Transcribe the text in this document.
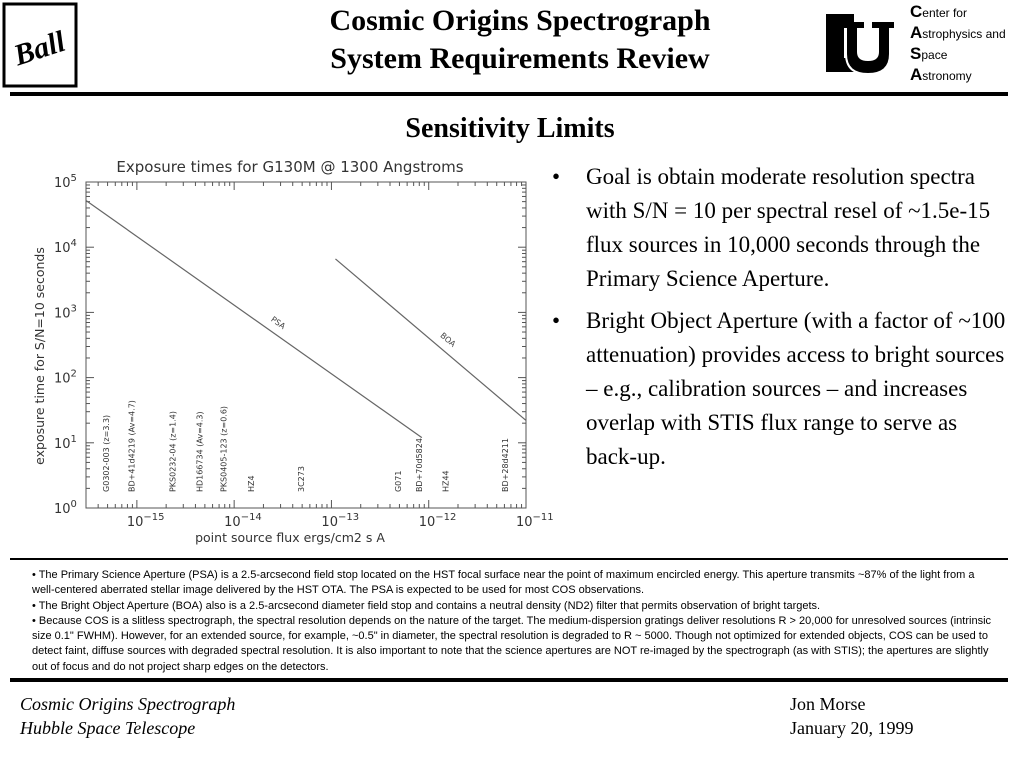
Ball
Cosmic Origins Spectrograph
System Requirements Review
Center for
Astrophysics and
Space
Astronomy
Sensitivity Limits
Exposure times for G130M @ 1300 Angstroms
exposure time for S/N=10 seconds
point source flux ergs/cm2 s A
$10^0$
$10^1$
$10^2$
$10^3$
$10^4$
$10^5$
$10^{-15}$	$10^{-14}$	$10^{-13}$	$10^{-12}$	$10^{-11}$
PSA
BOA
G0302-003 (z=3.3) BD+41d4219 (Av=4.7)	PKS0232-04 (z=1.4) HD166734 (Av=4.3) PKS0405-123 (z=0.6) HZ4	3C273	BD+70d5824
G071	HZ44	BD+28d4211
• Goal is obtain moderate resolution spectra with S/N = 10 per spectral resel of ~1.5e-15 flux sources in 10,000 seconds through the Primary Science Aperture.
• Bright Object Aperture (with a factor of ~100 attenuation) provides access to bright sources – e.g., calibration sources – and increases overlap with STIS flux range to serve as back-up.

• The Primary Science Aperture (PSA) is a 2.5-arcsecond field stop located on the HST focal surface near the point of maximum encircled energy. This aperture transmits ~87% of the light from a well-centered aberrated stellar image delivered by the HST OTA. The PSA is expected to be used for most COS observations.

• The Bright Object Aperture (BOA) also is a 2.5-arcsecond diameter field stop and contains a neutral density (ND2) filter that permits observation of bright targets.

• Because COS is a slitless spectrograph, the spectral resolution depends on the nature of the target. The medium-dispersion gratings deliver resolutions R > 20,000 for unresolved sources (intrinsic size 0.1" FWHM). However, for an extended source, for example, ~0.5" in diameter, the spectral resolution is degraded to R ~ 5000. Though not optimized for extended objects, COS can be used to detect faint, diffuse sources with degraded spectral resolution. It is also important to note that the science apertures are NOT re-imaged by the spectrograph (as with STIS); the apertures are slightly out of focus and do not project sharp edges on the detectors.

Cosmic Origins Spectrograph
Hubble Space Telescope
Jon Morse
January 20, 1999
